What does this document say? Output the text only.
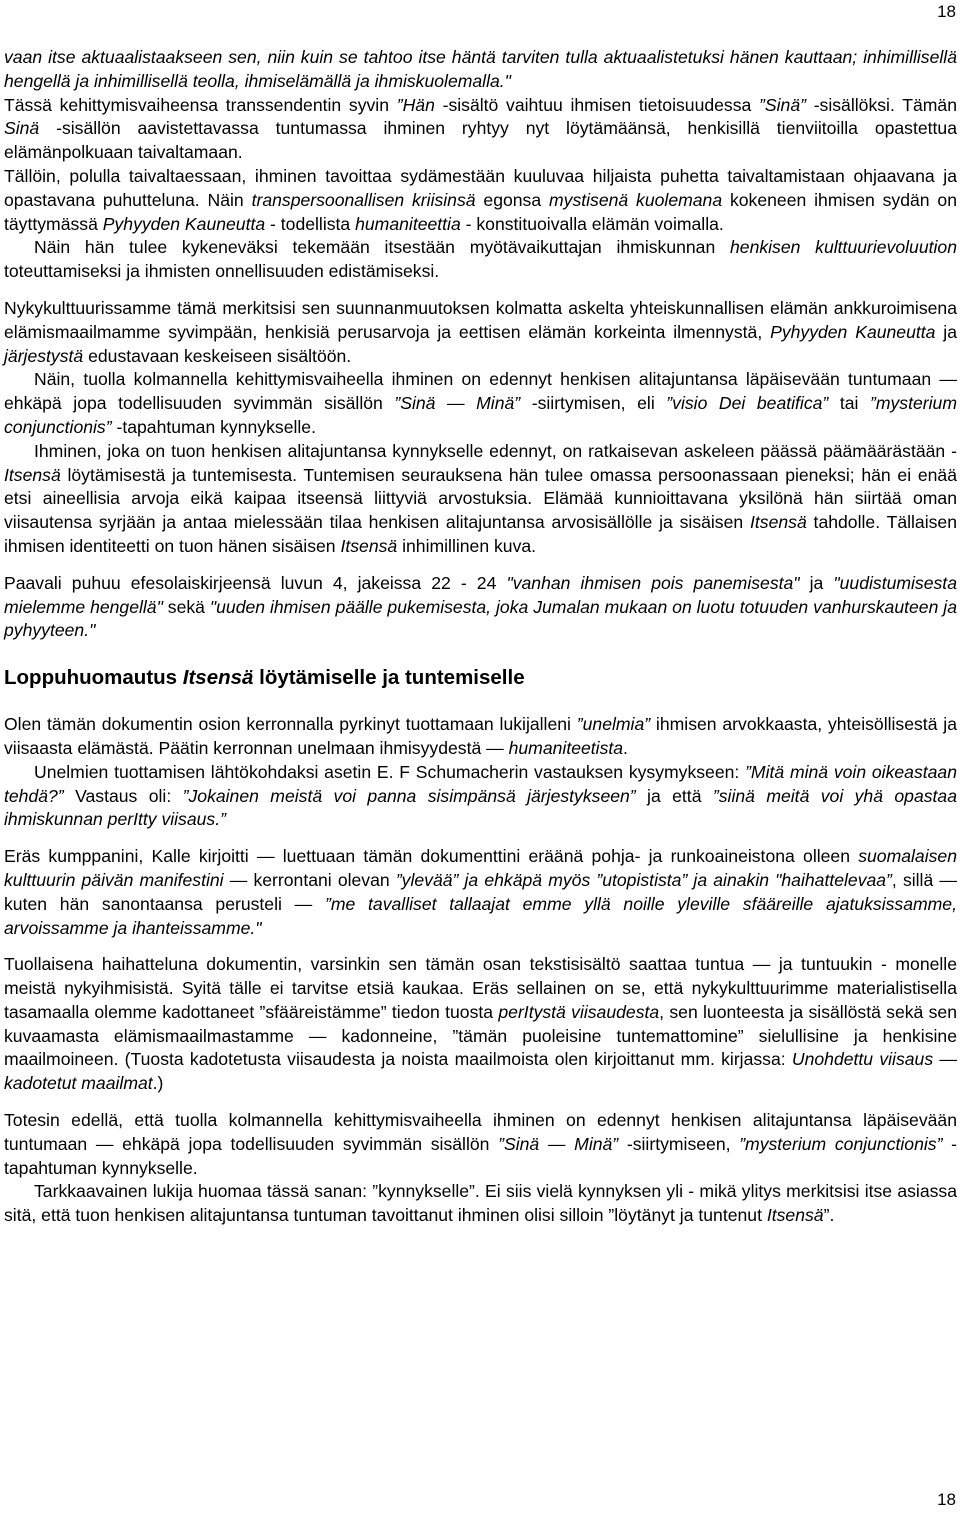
18

vaan itse aktuaalistaakseen sen, niin kuin se tahtoo itse häntä tarviten tulla aktuaalistetuksi hänen kauttaan; inhimillisellä hengellä ja inhimillisellä teolla, ihmiselämällä ja ihmiskuolemalla."

Tässä kehittymisvaiheensa transsendentin syvin ”Hän -sisältö vaihtuu ihmisen tietoisuudessa ”Sinä” -sisällöksi. Tämän Sinä -sisällön aavistettavassa tuntumassa ihminen ryhtyy nyt löytämäänsä, henkisillä tienviitoilla opastettua elämänpolkuaan taivaltamaan.

Tällöin, polulla taivaltaessaan, ihminen tavoittaa sydämestään kuuluvaa hiljaista puhetta taivaltamistaan ohjaavana ja opastavana puhutteluna. Näin transpersoonallisen kriisinsä egonsa mystisenä kuolemana kokeneen ihmisen sydän on täyttymässä Pyhyyden Kauneutta - todellista humaniteettia - konstituoivalla elämän voimalla.

Näin hän tulee kykeneväksi tekemään itsestään myötävaikuttajan ihmiskunnan henkisen kulttuurievoluution toteuttamiseksi ja ihmisten onnellisuuden edistämiseksi.

Nykykulttuurissamme tämä merkitsisi sen suunnanmuutoksen kolmatta askelta yhteiskunnallisen elämän ankkuroimisena elämismaailmamme syvimpään, henkisiä perusarvoja ja eettisen elämän korkeinta ilmennystä, Pyhyyden Kauneutta ja järjestystä edustavaan keskeiseen sisältöön.

Näin, tuolla kolmannella kehittymisvaiheella ihminen on edennyt henkisen alitajuntansa läpäisevään tuntumaan — ehkäpä jopa todellisuuden syvimmän sisällön ”Sinä — Minä” -siirtymisen, eli ”visio Dei beatifica” tai ”mysterium conjunctionis” -tapahtuman kynnykselle.

Ihminen, joka on tuon henkisen alitajuntansa kynnykselle edennyt, on ratkaisevan askeleen päässä päämäärästään - Itsensä löytämisestä ja tuntemisesta. Tuntemisen seurauksena hän tulee omassa persoonassaan pieneksi; hän ei enää etsi aineellisia arvoja eikä kaipaa itseensä liittyviä arvostuksia. Elämää kunnioittavana yksilönä hän siirtää oman viisautensa syrjään ja antaa mielessään tilaa henkisen alitajuntansa arvosisällölle ja sisäisen Itsensä tahdolle. Tällaisen ihmisen identiteetti on tuon hänen sisäisen Itsensä inhimillinen kuva.

Paavali puhuu efesolaiskirjeensä luvun 4, jakeissa 22 - 24 "vanhan ihmisen pois panemisesta" ja "uudistumisesta mielemme hengellä" sekä "uuden ihmisen päälle pukemisesta, joka Jumalan mukaan on luotu totuuden vanhurskauteen ja pyhyyteen."

Loppuhuomautus Itsensä löytämiselle ja tuntemiselle

Olen tämän dokumentin osion kerronnalla pyrkinyt tuottamaan lukijalleni ”unelmia” ihmisen arvokkaasta, yhteisöllisestä ja viisaasta elämästä. Päätin kerronnan unelmaan ihmisyydestä — humaniteetista.

Unelmien tuottamisen lähtökohdaksi asetin E. F Schumacherin vastauksen kysymykseen: ”Mitä minä voin oikeastaan tehdä?” Vastaus oli: ”Jokainen meistä voi panna sisimpänsä järjestykseen” ja että ”siinä meitä voi yhä opastaa ihmiskunnan perItty viisaus.”

Eräs kumppanini, Kalle kirjoitti — luettuaan tämän dokumenttini eräänä pohja- ja runkoaineistona olleen suomalaisen kulttuurin päivän manifestini — kerrontani olevan ”ylevää” ja ehkäpä myös ”utopistista” ja ainakin "haihattelevaa”, sillä — kuten hän sanontaansa perusteli — ”me tavalliset tallaajat emme yllä noille yleville sfääreille ajatuksissamme, arvoissamme ja ihanteissamme."

Tuollaisena haihatteluna dokumentin, varsinkin sen tämän osan tekstisisältö saattaa tuntua — ja tuntuukin - monelle meistä nykyihmisistä. Syitä tälle ei tarvitse etsiä kaukaa. Eräs sellainen on se, että nykykulttuurimme materialistisella tasamaalla olemme kadottaneet ”sfääreistämme” tiedon tuosta perItystä viisaudesta, sen luonteesta ja sisällöstä sekä sen kuvaamasta elämismaailmastamme — kadonneine, ”tämän puoleisine tuntemattomine” sielullisine ja henkisine maailmoineen. (Tuosta kadotetusta viisaudesta ja noista maailmoista olen kirjoittanut mm. kirjassa: Unohdettu viisaus — kadotetut maailmat.)

Totesin edellä, että tuolla kolmannella kehittymisvaiheella ihminen on edennyt henkisen alitajuntansa läpäisevään tuntumaan — ehkäpä jopa todellisuuden syvimmän sisällön ”Sinä — Minä” -siirtymiseen, ”mysterium conjunctionis” -tapahtuman kynnykselle.

Tarkkaavainen lukija huomaa tässä sanan: ”kynnykselle”. Ei siis vielä kynnyksen yli - mikä ylitys merkitsisi itse asiassa sitä, että tuon henkisen alitajuntansa tuntuman tavoittanut ihminen olisi silloin ”löytänyt ja tuntenut Itsensä”.

18
